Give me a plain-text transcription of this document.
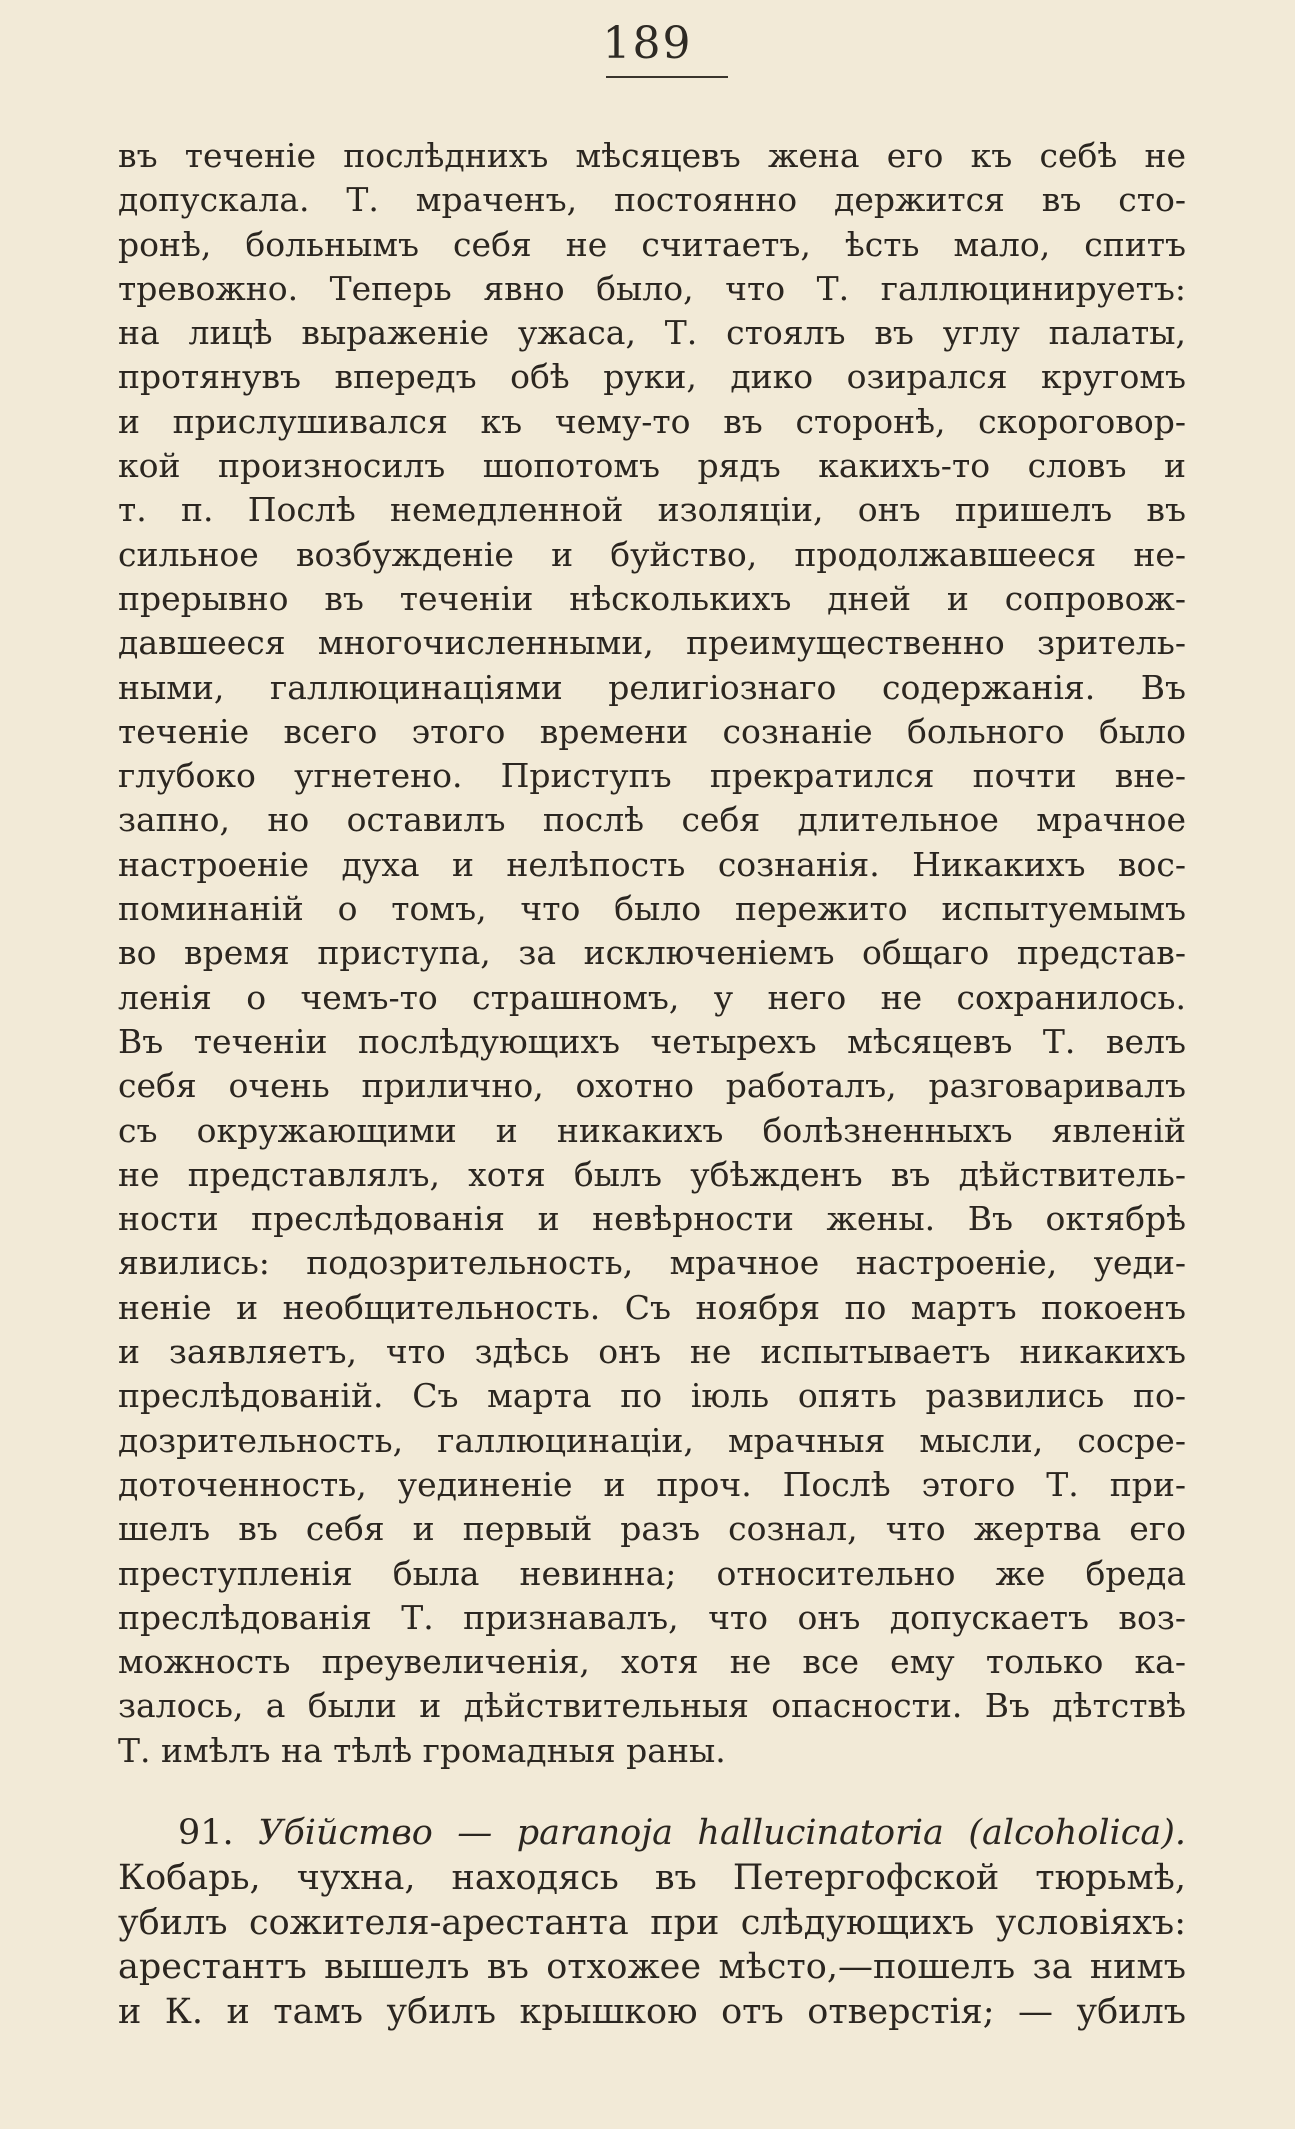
189
въ теченіе послѣднихъ мѣсяцевъ жена его къ себѣ не
допускала. Т. мраченъ, постоянно держится въ сто-
ронѣ, больнымъ себя не считаетъ, ѣсть мало, спитъ
тревожно. Теперь явно было, что Т. галлюцинируетъ:
на лицѣ выраженіе ужаса, Т. стоялъ въ углу палаты,
протянувъ впередъ обѣ руки, дико озирался кругомъ
и прислушивался къ чему-то въ сторонѣ, скороговор-
кой произносилъ шопотомъ рядъ какихъ-то словъ и
т. п. Послѣ немедленной изоляціи, онъ пришелъ въ
сильное возбужденіе и буйство, продолжавшееся не-
прерывно въ теченіи нѣсколькихъ дней и сопровож-
давшееся многочисленными, преимущественно зритель-
ными, галлюцинаціями религіознаго содержанія. Въ
теченіе всего этого времени сознаніе больного было
глубоко угнетено. Приступъ прекратился почти вне-
запно, но оставилъ послѣ себя длительное мрачное
настроеніе духа и нелѣпость сознанія. Никакихъ вос-
поминаній о томъ, что было пережито испытуемымъ
во время приступа, за исключеніемъ общаго представ-
ленія о чемъ-то страшномъ, у него не сохранилось.
Въ теченіи послѣдующихъ четырехъ мѣсяцевъ Т. велъ
себя очень прилично, охотно работалъ, разговаривалъ
съ окружающими и никакихъ болѣзненныхъ явленій
не представлялъ, хотя былъ убѣжденъ въ дѣйствитель-
ности преслѣдованія и невѣрности жены. Въ октябрѣ
явились: подозрительность, мрачное настроеніе, уеди-
неніе и необщительность. Съ ноября по мартъ покоенъ
и заявляетъ, что здѣсь онъ не испытываетъ никакихъ
преслѣдованій. Съ марта по іюль опять развились по-
дозрительность, галлюцинаціи, мрачныя мысли, сосре-
доточенность, уединеніе и проч. Послѣ этого Т. при-
шелъ въ себя и первый разъ сознал, что жертва его
преступленія была невинна; относительно же бреда
преслѣдованія Т. признавалъ, что онъ допускаетъ воз-
можность преувеличенія, хотя не все ему только ка-
залось, а были и дѣйствительныя опасности. Въ дѣтствѣ
Т. имѣлъ на тѣлѣ громадныя раны.
91. Убійство — paranoja hallucinatoria (alcoholica).
Кобарь, чухна, находясь въ Петергофской тюрьмѣ,
убилъ сожителя-арестанта при слѣдующихъ условіяхъ:
арестантъ вышелъ въ отхожее мѣсто,—пошелъ за нимъ
и К. и тамъ убилъ крышкою отъ отверстія; — убилъ
